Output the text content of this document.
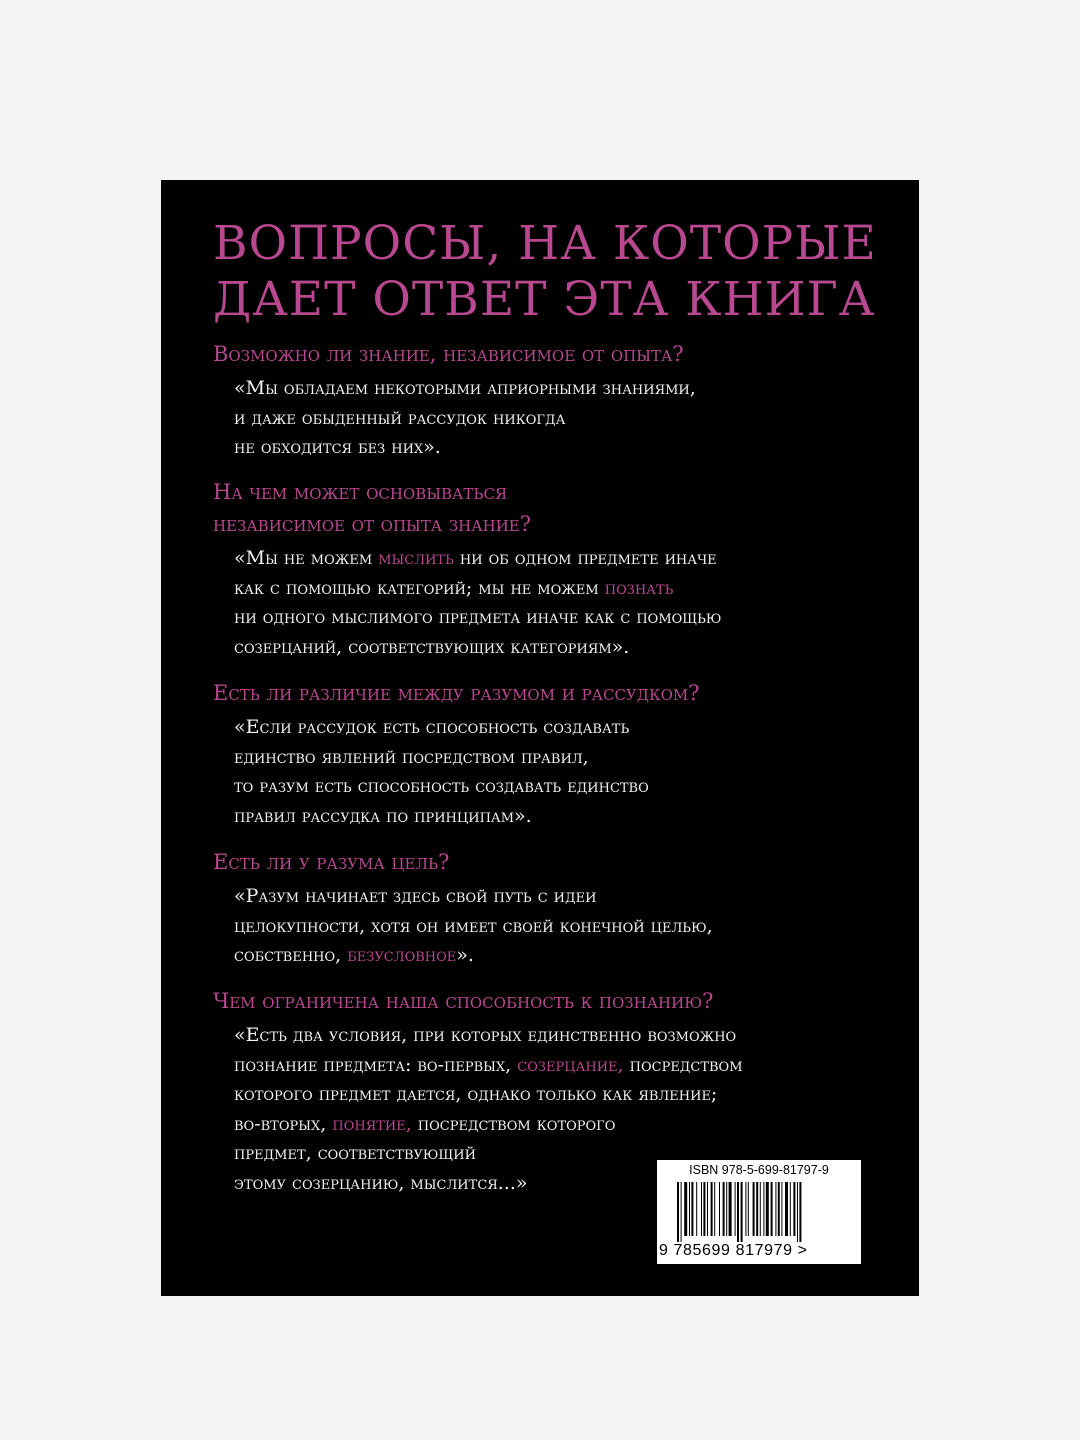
ВОПРОСЫ, НА КОТОРЫЕ
ДАЕТ ОТВЕТ ЭТА КНИГА

Возможно ли знание, независимое от опыта?

«Мы обладаем некоторыми априорными знаниями,
и даже обыденный рассудок никогда
не обходится без них».

На чем может основываться
независимое от опыта знание?

«Мы не можем мыслить ни об одном предмете иначе
как с помощью категорий; мы не можем познать
ни одного мыслимого предмета иначе как с помощью
созерцаний, соответствующих категориям».

Есть ли различие между разумом и рассудком?

«Если рассудок есть способность создавать
единство явлений посредством правил,
то разум есть способность создавать единство
правил рассудка по принципам».

Есть ли у разума цель?

«Разум начинает здесь свой путь с идеи
целокупности, хотя он имеет своей конечной целью,
собственно, безусловное».

Чем ограничена наша способность к познанию?

«Есть два условия, при которых единственно возможно
познание предмета: во-первых, созерцание, посредством
которого предмет дается, однако только как явление;
во-вторых, понятие, посредством которого
предмет, соответствующий
этому созерцанию, мыслится...»

ISBN 978-5-699-81797-9
9 785699 817979 >
